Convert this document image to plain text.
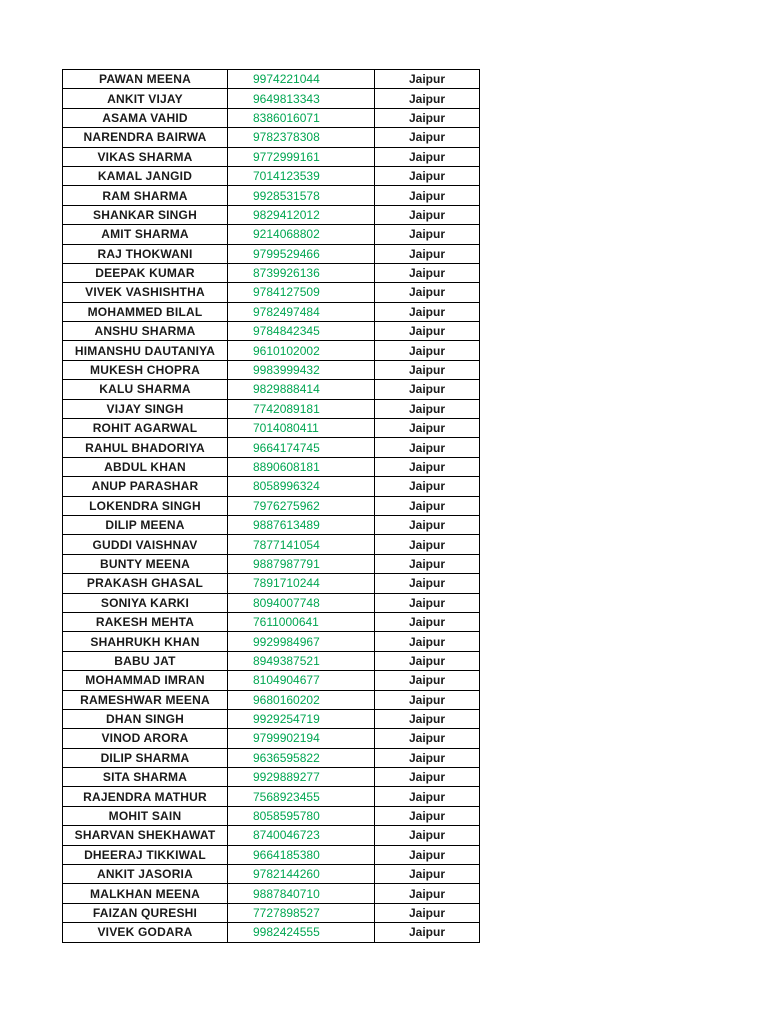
PAWAN MEENA	9974221044	Jaipur
ANKIT VIJAY	9649813343	Jaipur
ASAMA VAHID	8386016071	Jaipur
NARENDRA BAIRWA	9782378308	Jaipur
VIKAS SHARMA	9772999161	Jaipur
KAMAL JANGID	7014123539	Jaipur
RAM SHARMA	9928531578	Jaipur
SHANKAR SINGH	9829412012	Jaipur
AMIT SHARMA	9214068802	Jaipur
RAJ THOKWANI	9799529466	Jaipur
DEEPAK KUMAR	8739926136	Jaipur
VIVEK VASHISHTHA	9784127509	Jaipur
MOHAMMED BILAL	9782497484	Jaipur
ANSHU SHARMA	9784842345	Jaipur
HIMANSHU DAUTANIYA	9610102002	Jaipur
MUKESH CHOPRA	9983999432	Jaipur
KALU SHARMA	9829888414	Jaipur
VIJAY SINGH	7742089181	Jaipur
ROHIT AGARWAL	7014080411	Jaipur
RAHUL BHADORIYA	9664174745	Jaipur
ABDUL KHAN	8890608181	Jaipur
ANUP PARASHAR	8058996324	Jaipur
LOKENDRA SINGH	7976275962	Jaipur
DILIP MEENA	9887613489	Jaipur
GUDDI VAISHNAV	7877141054	Jaipur
BUNTY MEENA	9887987791	Jaipur
PRAKASH GHASAL	7891710244	Jaipur
SONIYA KARKI	8094007748	Jaipur
RAKESH MEHTA	7611000641	Jaipur
SHAHRUKH KHAN	9929984967	Jaipur
BABU JAT	8949387521	Jaipur
MOHAMMAD IMRAN	8104904677	Jaipur
RAMESHWAR MEENA	9680160202	Jaipur
DHAN SINGH	9929254719	Jaipur
VINOD ARORA	9799902194	Jaipur
DILIP SHARMA	9636595822	Jaipur
SITA SHARMA	9929889277	Jaipur
RAJENDRA MATHUR	7568923455	Jaipur
MOHIT SAIN	8058595780	Jaipur
SHARVAN SHEKHAWAT	8740046723	Jaipur
DHEERAJ TIKKIWAL	9664185380	Jaipur
ANKIT JASORIA	9782144260	Jaipur
MALKHAN MEENA	9887840710	Jaipur
FAIZAN QURESHI	7727898527	Jaipur
VIVEK GODARA	9982424555	Jaipur
